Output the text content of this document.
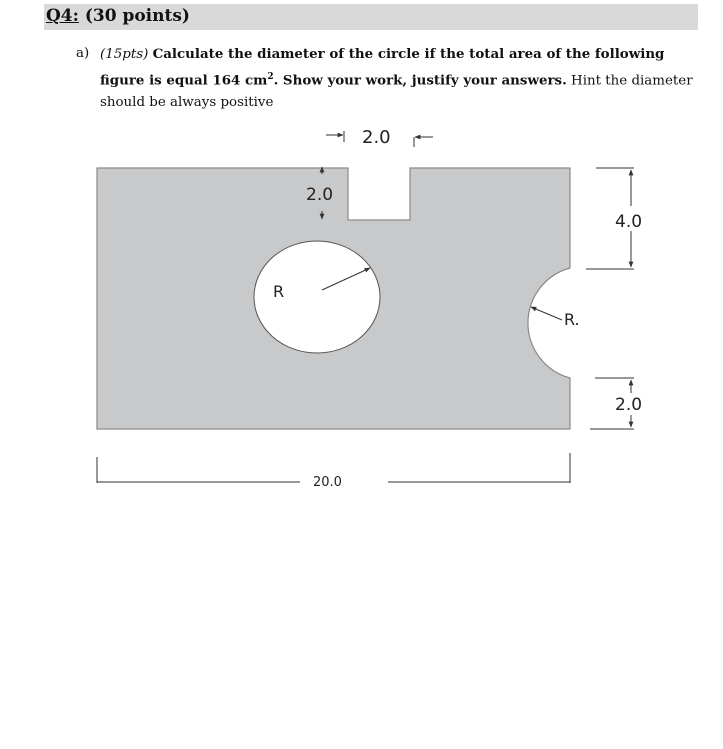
Q4: (30 points)
a) (15pts) Calculate the diameter of the circle if the total area of the following figure is equal 164 $cm^2$. Show your work, justify your answers. Hint the diameter should be always positive
R
R.
2.0
2.0
4.0
2.0
20.0
